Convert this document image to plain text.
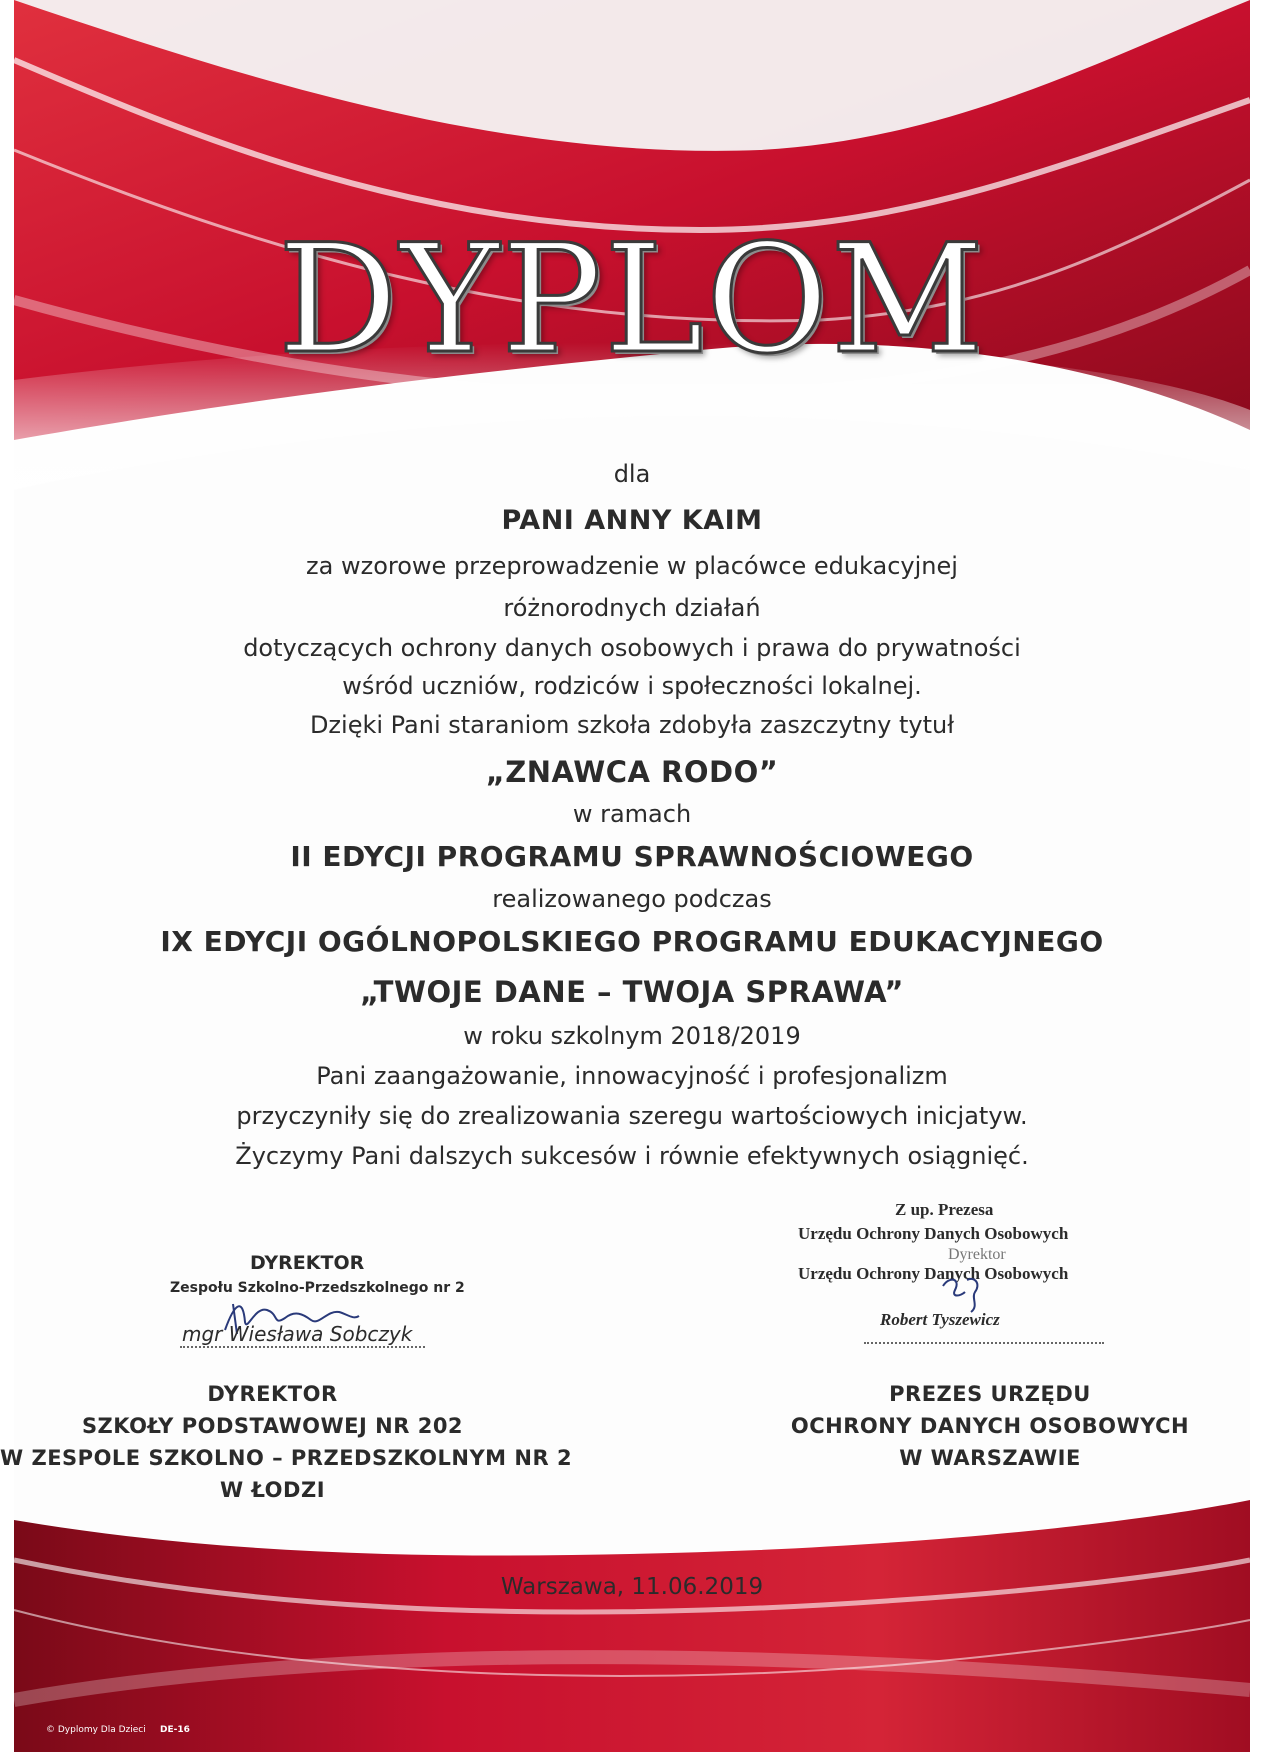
DYPLOM
dla
PANI ANNY KAIM
za wzorowe przeprowadzenie w placówce edukacyjnej
różnorodnych działań
dotyczących ochrony danych osobowych i prawa do prywatności
wśród uczniów, rodziców i społeczności lokalnej.
Dzięki Pani staraniom szkoła zdobyła zaszczytny tytuł
„ZNAWCA RODO”
w ramach
II EDYCJI PROGRAMU SPRAWNOŚCIOWEGO
realizowanego podczas
IX EDYCJI OGÓLNOPOLSKIEGO PROGRAMU EDUKACYJNEGO
„TWOJE DANE – TWOJA SPRAWA”
w roku szkolnym 2018/2019
Pani zaangażowanie, innowacyjność i profesjonalizm
przyczyniły się do zrealizowania szeregu wartościowych inicjatyw.
Życzymy Pani dalszych sukcesów i równie efektywnych osiągnięć.
DYREKTOR
Zespołu Szkolno-Przedszkolnego nr 2
mgr Wiesława Sobczyk
Z up. Prezesa
Urzędu Ochrony Danych Osobowych
Dyrektor
Urzędu Ochrony Danych Osobowych
Robert Tyszewicz
DYREKTOR
SZKOŁY PODSTAWOWEJ NR 202
W ZESPOLE SZKOLNO – PRZEDSZKOLNYM NR 2
W ŁODZI
PREZES URZĘDU
OCHRONY DANYCH OSOBOWYCH
W WARSZAWIE
Warszawa, 11.06.2019
© Dyplomy Dla Dzieci DE-16
